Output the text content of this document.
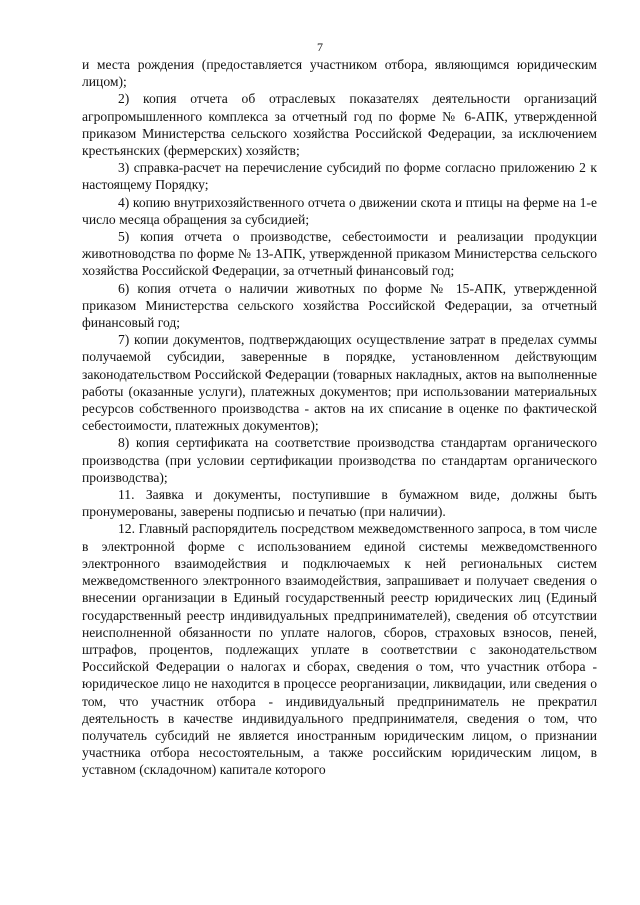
7

и места рождения (предоставляется участником отбора, являющимся юридическим лицом);

2) копия отчета об отраслевых показателях деятельности организаций агропромышленного комплекса за отчетный год по форме № 6-АПК, утвержденной приказом Министерства сельского хозяйства Российской Федерации, за исключением крестьянских (фермерских) хозяйств;

3) справка-расчет на перечисление субсидий по форме согласно приложению 2 к настоящему Порядку;

4) копию внутрихозяйственного отчета о движении скота и птицы на ферме на 1-е число месяца обращения за субсидией;

5) копия отчета о производстве, себестоимости и реализации продукции животноводства по форме № 13-АПК, утвержденной приказом Министерства сельского хозяйства Российской Федерации, за отчетный финансовый год;

6) копия отчета о наличии животных по форме № 15-АПК, утвержденной приказом Министерства сельского хозяйства Российской Федерации, за отчетный финансовый год;

7) копии документов, подтверждающих осуществление затрат в пределах суммы получаемой субсидии, заверенные в порядке, установленном действующим законодательством Российской Федерации (товарных накладных, актов на выполненные работы (оказанные услуги), платежных документов; при использовании материальных ресурсов собственного производства - актов на их списание в оценке по фактической себестоимости, платежных документов);

8) копия сертификата на соответствие производства стандартам органического производства (при условии сертификации производства по стандартам органического производства);

11. Заявка и документы, поступившие в бумажном виде, должны быть пронумерованы, заверены подписью и печатью (при наличии).

12. Главный распорядитель посредством межведомственного запроса, в том числе в электронной форме с использованием единой системы межведомственного электронного взаимодействия и подключаемых к ней региональных систем межведомственного электронного взаимодействия, запрашивает и получает сведения о внесении организации в Единый государственный реестр юридических лиц (Единый государственный реестр индивидуальных предпринимателей), сведения об отсутствии неисполненной обязанности по уплате налогов, сборов, страховых взносов, пеней, штрафов, процентов, подлежащих уплате в соответствии с законодательством Российской Федерации о налогах и сборах, сведения о том, что участник отбора - юридическое лицо не находится в процессе реорганизации, ликвидации, или сведения о том, что участник отбора - индивидуальный предприниматель не прекратил деятельность в качестве индивидуального предпринимателя, сведения о том, что получатель субсидий не является иностранным юридическим лицом, о признании участника отбора несостоятельным, а также российским юридическим лицом, в уставном (складочном) капитале которого
